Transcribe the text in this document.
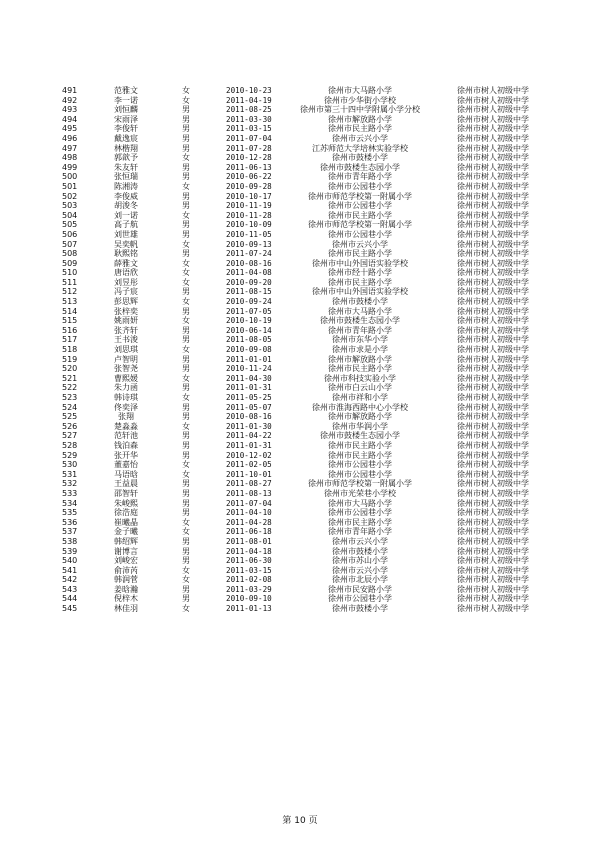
491	范雅文	女	2010-10-23	徐州市大马路小学	徐州市树人初级中学
492	李一诺	女	2011-04-19	徐州市少华街小学校	徐州市树人初级中学
493	刘恒麟	男	2011-08-25	徐州市第三十四中学附属小学分校	徐州市树人初级中学
494	宋雨泽	男	2011-03-30	徐州市解放路小学	徐州市树人初级中学
495	李俊轩	男	2011-03-15	徐州市民主路小学	徐州市树人初级中学
496	戴逸宸	男	2011-07-04	徐州市云兴小学	徐州市树人初级中学
497	林楷翔	男	2011-07-28	江苏师范大学培林实验学校	徐州市树人初级中学
498	郭歆予	女	2010-12-28	徐州市鼓楼小学	徐州市树人初级中学
499	朱友轩	男	2011-06-13	徐州市鼓楼生态园小学	徐州市树人初级中学
500	张恒瑞	男	2010-06-22	徐州市青年路小学	徐州市树人初级中学
501	陈湘涛	女	2010-09-28	徐州市公园巷小学	徐州市树人初级中学
502	李俊威	男	2010-10-17	徐州市师范学校第一附属小学	徐州市树人初级中学
503	胡浚冬	男	2010-11-19	徐州市公园巷小学	徐州市树人初级中学
504	刘一诺	女	2010-11-28	徐州市民主路小学	徐州市树人初级中学
505	高子航	男	2010-10-09	徐州市师范学校第一附属小学	徐州市树人初级中学
506	刘世雄	男	2010-11-05	徐州市公园巷小学	徐州市树人初级中学
507	吴奕帆	女	2010-09-13	徐州市云兴小学	徐州市树人初级中学
508	耿熙铭	男	2011-07-24	徐州市民主路小学	徐州市树人初级中学
509	薛雅文	女	2010-08-16	徐州市中山外国语实验学校	徐州市树人初级中学
510	唐语欣	女	2011-04-08	徐州市经十路小学	徐州市树人初级中学
511	刘昱彤	女	2010-09-20	徐州市民主路小学	徐州市树人初级中学
512	冯子宸	男	2011-08-15	徐州市中山外国语实验学校	徐州市树人初级中学
513	彭思辉	女	2010-09-24	徐州市鼓楼小学	徐州市树人初级中学
514	张梓奕	男	2011-07-05	徐州市大马路小学	徐州市树人初级中学
515	姚雨妍	女	2010-10-19	徐州市鼓楼生态园小学	徐州市树人初级中学
516	张齐轩	男	2010-06-14	徐州市青年路小学	徐州市树人初级中学
517	王书浚	男	2011-08-05	徐州市东华小学	徐州市树人初级中学
518	刘思琪	女	2010-09-08	徐州市求是小学	徐州市树人初级中学
519	卢智明	男	2011-01-01	徐州市解放路小学	徐州市树人初级中学
520	张智尧	男	2010-11-24	徐州市民主路小学	徐州市树人初级中学
521	曹熙媛	女	2011-04-30	徐州市科技实验小学	徐州市树人初级中学
522	朱力函	男	2011-01-31	徐州市白云山小学	徐州市树人初级中学
523	韩诗琪	女	2011-05-25	徐州市祥和小学	徐州市树人初级中学
524	佟奕泽	男	2011-05-07	徐州市淮海西路中心小学校	徐州市树人初级中学
525	张翔	男	2010-08-16	徐州市解放路小学	徐州市树人初级中学
526	楚淼淼	女	2011-01-30	徐州市华润小学	徐州市树人初级中学
527	范轩池	男	2011-04-22	徐州市鼓楼生态园小学	徐州市树人初级中学
528	钱泊森	男	2011-01-31	徐州市民主路小学	徐州市树人初级中学
529	张开华	男	2010-12-02	徐州市民主路小学	徐州市树人初级中学
530	董嘉怡	女	2011-02-05	徐州市公园巷小学	徐州市树人初级中学
531	马语晗	女	2011-10-01	徐州市公园巷小学	徐州市树人初级中学
532	王益晨	男	2011-08-27	徐州市师范学校第一附属小学	徐州市树人初级中学
533	邵智轩	男	2011-08-13	徐州市光荣巷小学校	徐州市树人初级中学
534	朱峻熙	男	2011-07-04	徐州市大马路小学	徐州市树人初级中学
535	徐浩庭	男	2011-04-10	徐州市公园巷小学	徐州市树人初级中学
536	崔曦晶	女	2011-04-28	徐州市民主路小学	徐州市树人初级中学
537	金子曦	女	2011-06-18	徐州市青年路小学	徐州市树人初级中学
538	韩绍辉	男	2011-08-01	徐州市云兴小学	徐州市树人初级中学
539	谢博言	男	2011-04-18	徐州市鼓楼小学	徐州市树人初级中学
540	刘峻宏	男	2011-06-30	徐州市苏山小学	徐州市树人初级中学
541	俞沛芮	女	2011-03-15	徐州市云兴小学	徐州市树人初级中学
542	韩润菅	女	2011-02-08	徐州市北辰小学	徐州市树人初级中学
543	姜晗瀚	男	2011-03-29	徐州市民安路小学	徐州市树人初级中学
544	倪梓木	男	2010-09-10	徐州市公园巷小学	徐州市树人初级中学
545	林佳羽	女	2011-01-13	徐州市鼓楼小学	徐州市树人初级中学
第 10 页
